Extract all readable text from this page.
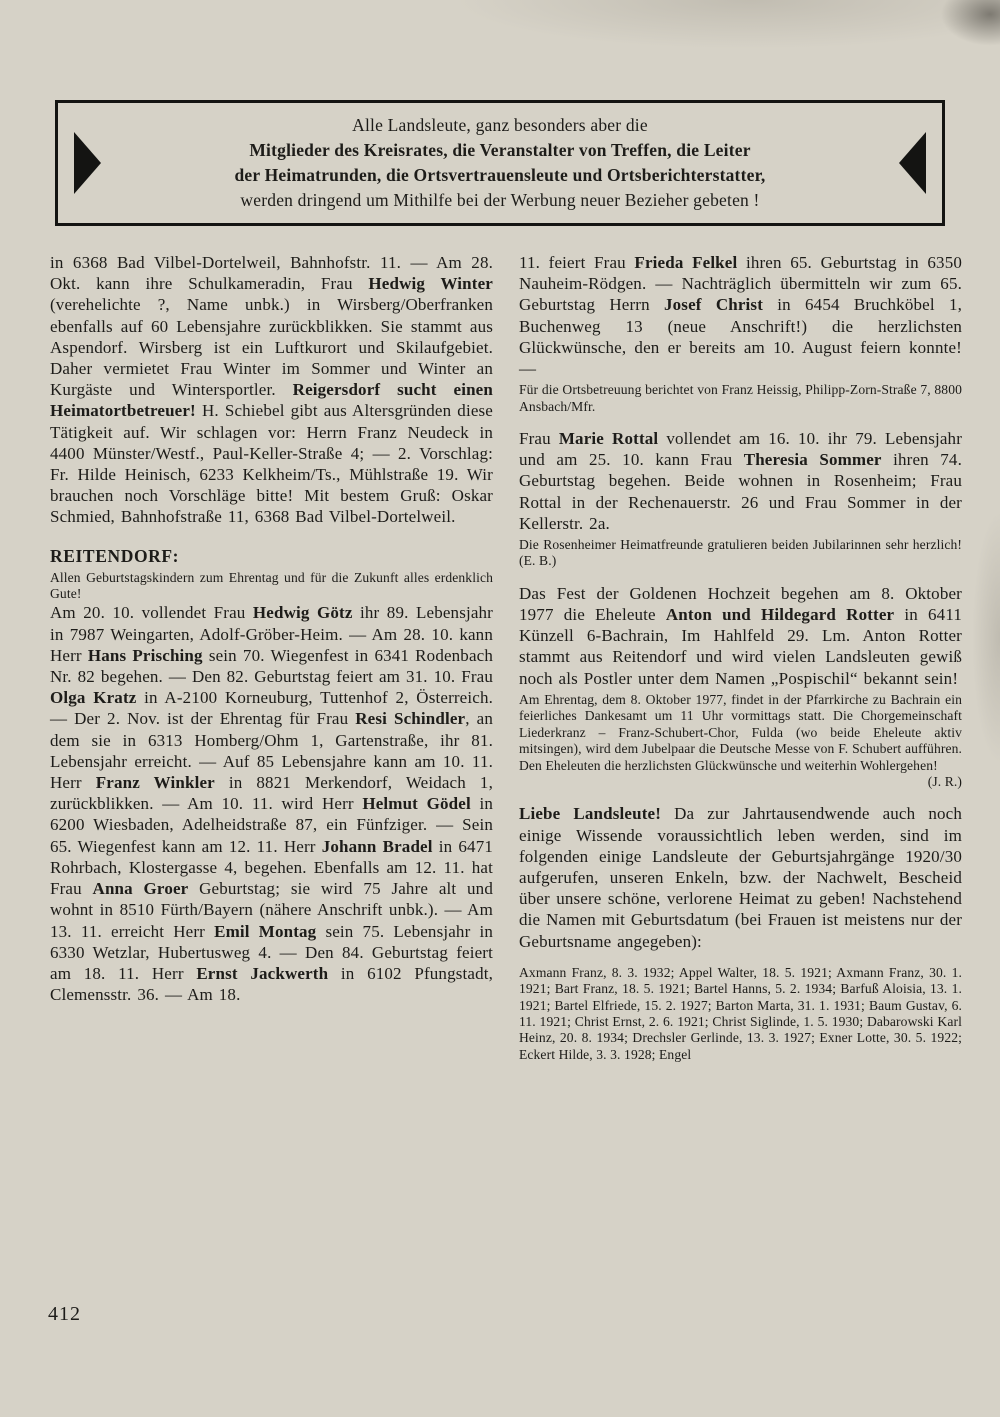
Alle Landsleute, ganz besonders aber die
Mitglieder des Kreisrates, die Veranstalter von Treffen, die Leiter
der Heimatrunden, die Ortsvertrauensleute und Ortsberichterstatter,
werden dringend um Mithilfe bei der Werbung neuer Bezieher gebeten !

in 6368 Bad Vilbel-Dortelweil, Bahnhofstr. 11. — Am 28. Okt. kann ihre Schulkameradin, Frau Hedwig Winter (verehelichte ?, Name unbk.) in Wirsberg/Oberfranken ebenfalls auf 60 Lebensjahre zurückblikken. Sie stammt aus Aspendorf. Wirsberg ist ein Luftkurort und Skilaufgebiet. Daher vermietet Frau Winter im Sommer und Winter an Kurgäste und Wintersportler. Reigersdorf sucht einen Heimatortbetreuer! H. Schiebel gibt aus Altersgründen diese Tätigkeit auf. Wir schlagen vor: Herrn Franz Neudeck in 4400 Münster/Westf., Paul-Keller-Straße 4; — 2. Vorschlag: Fr. Hilde Heinisch, 6233 Kelkheim/Ts., Mühlstraße 19. Wir brauchen noch Vorschläge bitte! Mit bestem Gruß: Oskar Schmied, Bahnhofstraße 11, 6368 Bad Vilbel-Dortelweil.

REITENDORF:

Allen Geburtstagskindern zum Ehrentag und für die Zukunft alles erdenklich Gute!

Am 20. 10. vollendet Frau Hedwig Götz ihr 89. Lebensjahr in 7987 Weingarten, Adolf-Gröber-Heim. — Am 28. 10. kann Herr Hans Prisching sein 70. Wiegenfest in 6341 Rodenbach Nr. 82 begehen. — Den 82. Geburtstag feiert am 31. 10. Frau Olga Kratz in A-2100 Korneuburg, Tuttenhof 2, Österreich. — Der 2. Nov. ist der Ehrentag für Frau Resi Schindler, an dem sie in 6313 Homberg/Ohm 1, Gartenstraße, ihr 81. Lebensjahr erreicht. — Auf 85 Lebensjahre kann am 10. 11. Herr Franz Winkler in 8821 Merkendorf, Weidach 1, zurückblikken. — Am 10. 11. wird Herr Helmut Gödel in 6200 Wiesbaden, Adelheidstraße 87, ein Fünfziger. — Sein 65. Wiegenfest kann am 12. 11. Herr Johann Bradel in 6471 Rohrbach, Klostergasse 4, begehen. Ebenfalls am 12. 11. hat Frau Anna Groer Geburtstag; sie wird 75 Jahre alt und wohnt in 8510 Fürth/Bayern (nähere Anschrift unbk.). — Am 13. 11. erreicht Herr Emil Montag sein 75. Lebensjahr in 6330 Wetzlar, Hubertusweg 4. — Den 84. Geburtstag feiert am 18. 11. Herr Ernst Jackwerth in 6102 Pfungstadt, Clemensstr. 36. — Am 18.

11. feiert Frau Frieda Felkel ihren 65. Geburtstag in 6350 Nauheim-Rödgen. — Nachträglich übermitteln wir zum 65. Geburtstag Herrn Josef Christ in 6454 Bruchköbel 1, Buchenweg 13 (neue Anschrift!) die herzlichsten Glückwünsche, den er bereits am 10. August feiern konnte! —

Für die Ortsbetreuung berichtet von Franz Heissig, Philipp-Zorn-Straße 7, 8800 Ansbach/Mfr.

Frau Marie Rottal vollendet am 16. 10. ihr 79. Lebensjahr und am 25. 10. kann Frau Theresia Sommer ihren 74. Geburtstag begehen. Beide wohnen in Rosenheim; Frau Rottal in der Rechenauerstr. 26 und Frau Sommer in der Kellerstr. 2a.

Die Rosenheimer Heimatfreunde gratulieren beiden Jubilarinnen sehr herzlich! (E. B.)

Das Fest der Goldenen Hochzeit begehen am 8. Oktober 1977 die Eheleute Anton und Hildegard Rotter in 6411 Künzell 6-Bachrain, Im Hahlfeld 29. Lm. Anton Rotter stammt aus Reitendorf und wird vielen Landsleuten gewiß noch als Postler unter dem Namen „Pospischil“ bekannt sein!

Am Ehrentag, dem 8. Oktober 1977, findet in der Pfarrkirche zu Bachrain ein feierliches Dankesamt um 11 Uhr vormittags statt. Die Chorgemeinschaft Liederkranz – Franz-Schubert-Chor, Fulda (wo beide Eheleute aktiv mitsingen), wird dem Jubelpaar die Deutsche Messe von F. Schubert aufführen. Den Eheleuten die herzlichsten Glückwünsche und weiterhin Wohlergehen!
(J. R.)

Liebe Landsleute! Da zur Jahrtausendwende auch noch einige Wissende voraussichtlich leben werden, sind im folgenden einige Landsleute der Geburtsjahrgänge 1920/30 aufgerufen, unseren Enkeln, bzw. der Nachwelt, Bescheid über unsere schöne, verlorene Heimat zu geben! Nachstehend die Namen mit Geburtsdatum (bei Frauen ist meistens nur der Geburtsname angegeben):

Axmann Franz, 8. 3. 1932; Appel Walter, 18. 5. 1921; Axmann Franz, 30. 1. 1921; Bart Franz, 18. 5. 1921; Bartel Hanns, 5. 2. 1934; Barfuß Aloisia, 13. 1. 1921; Bartel Elfriede, 15. 2. 1927; Barton Marta, 31. 1. 1931; Baum Gustav, 6. 11. 1921; Christ Ernst, 2. 6. 1921; Christ Siglinde, 1. 5. 1930; Dabarowski Karl Heinz, 20. 8. 1934; Drechsler Gerlinde, 13. 3. 1927; Exner Lotte, 30. 5. 1922; Eckert Hilde, 3. 3. 1928; Engel

412
